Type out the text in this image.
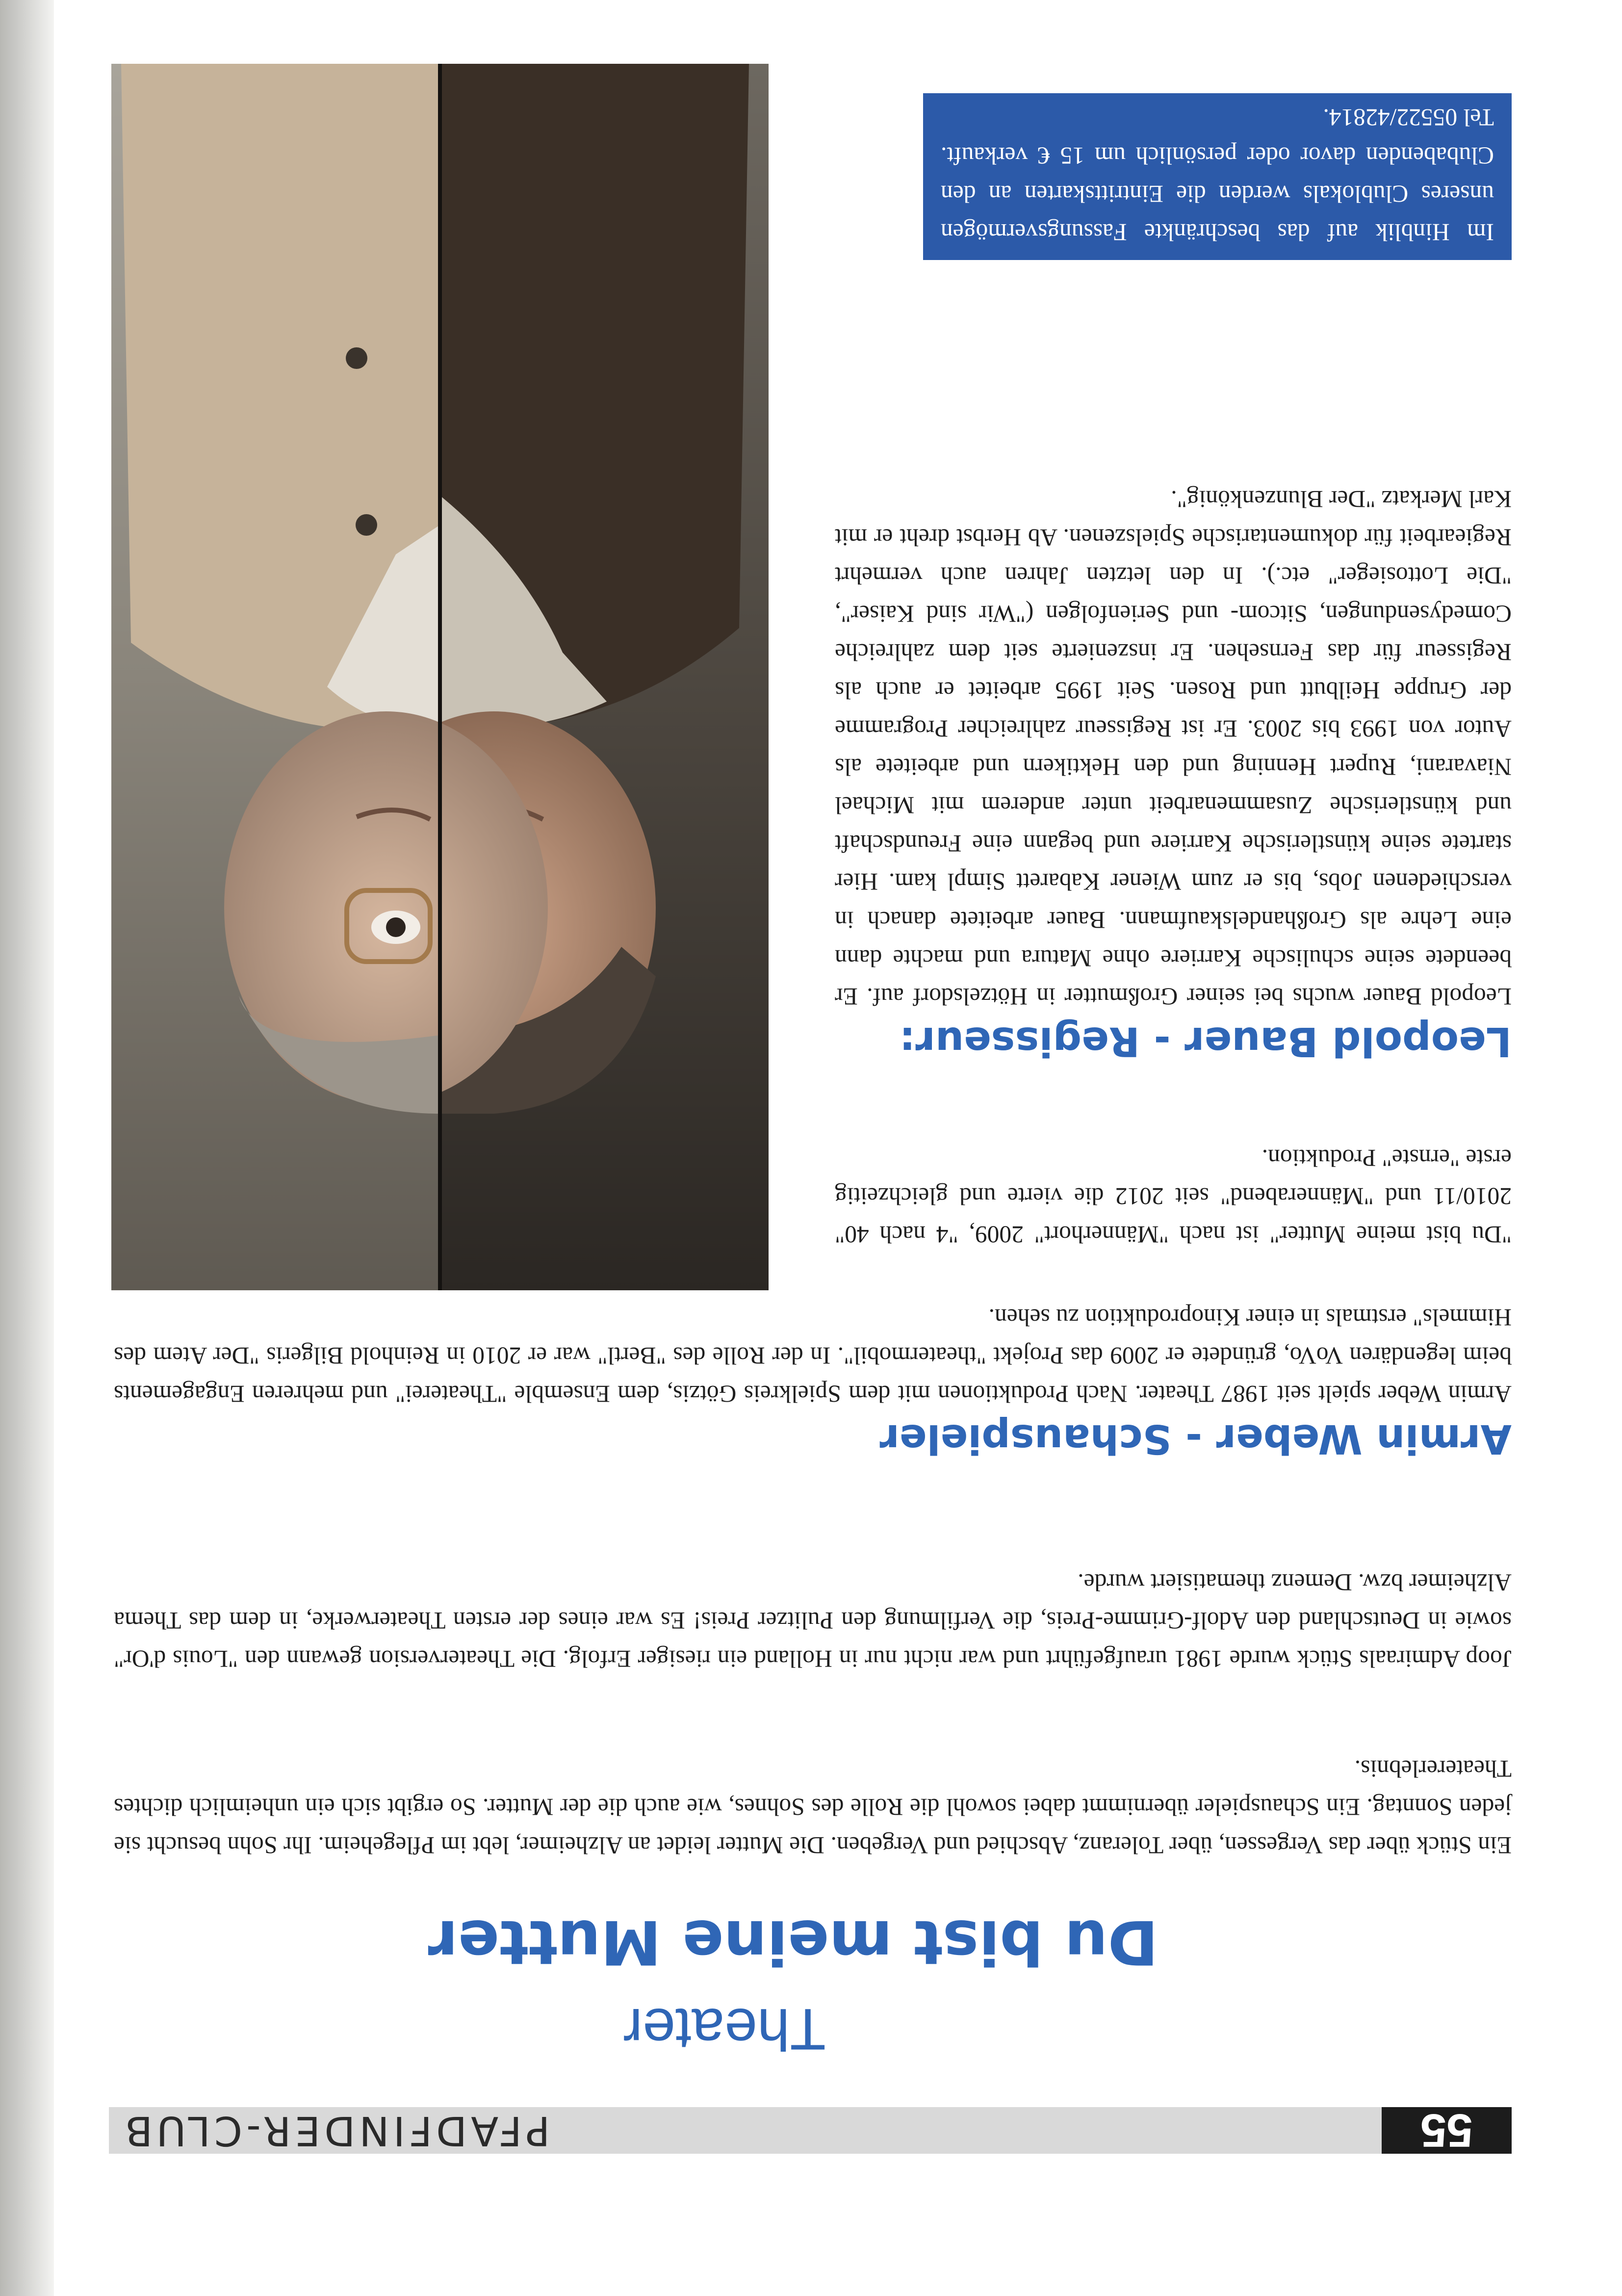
55
PFADFINDER-CLUB
Theater
Du bist meine Mutter

Ein Stück über das Vergessen, über Toleranz, Abschied und Vergeben. Die Mutter leidet an Alzheimer, lebt im Pflegeheim. Ihr Sohn besucht sie jeden Sonntag. Ein Schauspieler übernimmt dabei sowohl die Rolle des Sohnes, wie auch die der Mutter. So ergibt sich ein unheimlich dichtes Theatererlebnis.

Joop Admiraals Stück wurde 1981 uraufgeführt und war nicht nur in Holland ein riesiger Erfolg. Die Theaterversion gewann den "Louis d'Or" sowie in Deutschland den Adolf-Grimme-Preis, die Verfilmung den Pulitzer Preis! Es war eines der ersten Theaterwerke, in dem das Thema Alzheimer bzw. Demenz thematisiert wurde.

Armin Weber - Schauspieler

Armin Weber spielt seit 1987 Theater. Nach Produktionen mit dem Spielkreis Götzis, dem Ensemble "Theaterei" und mehreren Engagements beim legendären VoVo, gründete er 2009 das Projekt "theatermobil". In der Rolle des "Bertl" war er 2010 in Reinhold Bilgeris "Der Atem des Himmels" erstmals in einer Kinoproduktion zu sehen.

"Du bist meine Mutter" ist nach "Männerhort" 2009, "4 nach 40" 2010/11 und "Männerabend" seit 2012 die vierte und gleichzeitig erste "ernste" Produktion.

Leopold Bauer - Regisseur:

Leopold Bauer wuchs bei seiner Großmutter in Hötzelsdorf auf. Er beendete seine schulische Karriere ohne Matura und machte dann eine Lehre als Großhandelskaufmann. Bauer arbeitete danach in verschiedenen Jobs, bis er zum Wiener Kabarett Simpl kam. Hier startete seine künstlerische Karriere und begann eine Freundschaft und künstlerische Zusammenarbeit unter anderem mit Michael Niavarani, Rupert Henning und den Hektikern und arbeitete als Autor von 1993 bis 2003. Er ist Regisseur zahlreicher Programme der Gruppe Heilbutt und Rosen. Seit 1995 arbeitet er auch als Regisseur für das Fernsehen. Er inszenierte seit dem zahlreiche Comedysendungen, Sitcom- und Serienfolgen ("Wir sind Kaiser", "Die Lottosieger" etc.). In den letzten Jahren auch vermehrt Regiearbeit für dokumentarische Spielszenen. Ab Herbst dreht er mit Karl Merkatz "Der Blunzenkönig".

Im Hinblik auf das beschränkte Fassungsvermögen unseres Clublokals werden die Eintrittskarten an den Clubabenden davor oder persönlich um 15 € verkauft. Tel 05522/42814.
